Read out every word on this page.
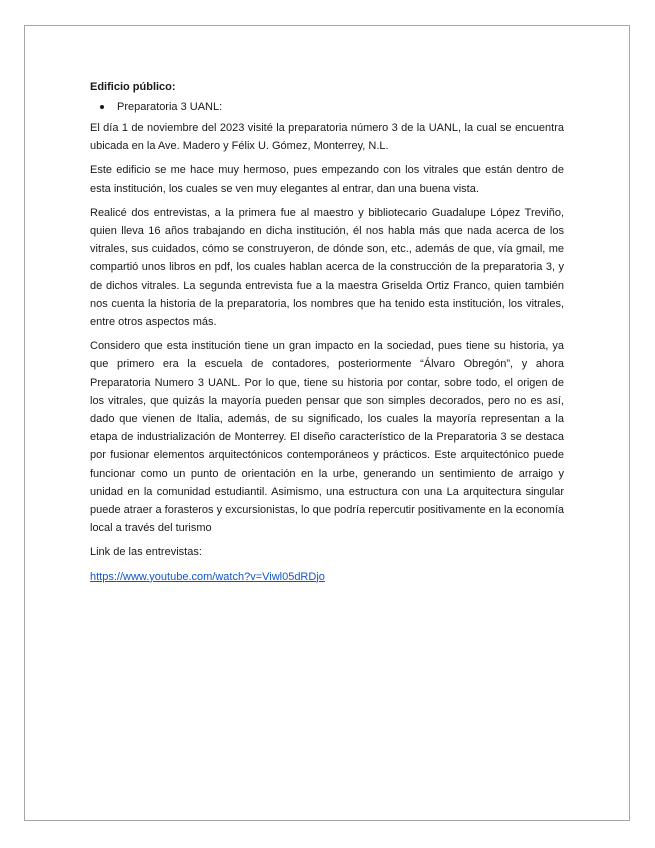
Edificio público:
Preparatoria 3 UANL:

El día 1 de noviembre del 2023 visité la preparatoria número 3 de la UANL, la cual se encuentra ubicada en la Ave. Madero y Félix U. Gómez, Monterrey, N.L.

Este edificio se me hace muy hermoso, pues empezando con los vitrales que están dentro de esta institución, los cuales se ven muy elegantes al entrar, dan una buena vista.

Realicé dos entrevistas, a la primera fue al maestro y bibliotecario Guadalupe López Treviño, quien lleva 16 años trabajando en dicha institución, él nos habla más que nada acerca de los vitrales, sus cuidados, cómo se construyeron, de dónde son, etc., además de que, vía gmail, me compartió unos libros en pdf, los cuales hablan acerca de la construcción de la preparatoria 3, y de dichos vitrales. La segunda entrevista fue a la maestra Griselda Ortiz Franco, quien también nos cuenta la historia de la preparatoria, los nombres que ha tenido esta institución, los vitrales, entre otros aspectos más.

Considero que esta institución tiene un gran impacto en la sociedad, pues tiene su historia, ya que primero era la escuela de contadores, posteriormente “Álvaro Obregón”, y ahora Preparatoria Numero 3 UANL. Por lo que, tiene su historia por contar, sobre todo, el origen de los vitrales, que quizás la mayoría pueden pensar que son simples decorados, pero no es así, dado que vienen de Italia, además, de su significado, los cuales la mayoría representan a la etapa de industrialización de Monterrey. El diseño característico de la Preparatoria 3 se destaca por fusionar elementos arquitectónicos contemporáneos y prácticos. Este arquitectónico puede funcionar como un punto de orientación en la urbe, generando un sentimiento de arraigo y unidad en la comunidad estudiantil. Asimismo, una estructura con una La arquitectura singular puede atraer a forasteros y excursionistas, lo que podría repercutir positivamente en la economía local a través del turismo

Link de las entrevistas:

https://www.youtube.com/watch?v=Viwl05dRDjo
